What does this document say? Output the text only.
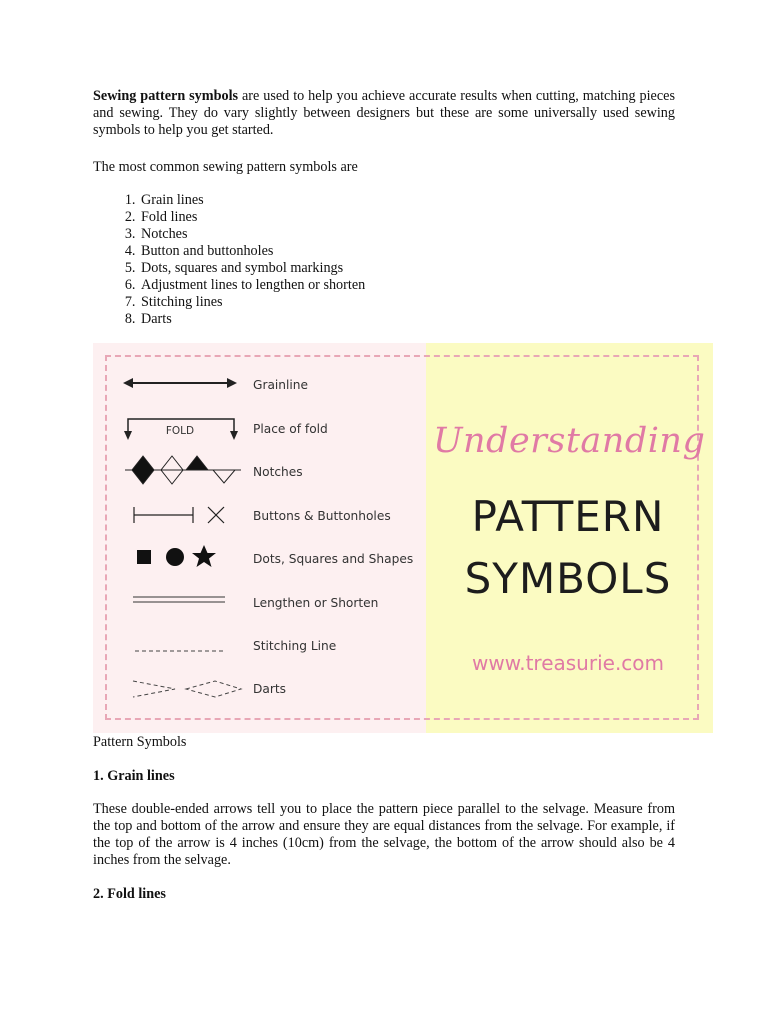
Sewing pattern symbols are used to help you achieve accurate results when cutting, matching pieces and sewing. They do vary slightly between designers but these are some universally used sewing symbols to help you get started.

The most common sewing pattern symbols are

1. Grain lines
2. Fold lines
3. Notches
4. Button and buttonholes
5. Dots, squares and symbol markings
6. Adjustment lines to lengthen or shorten
7. Stitching lines
8. Darts
FOLD
Grainline
Place of fold
Notches
Buttons & Buttonholes
Dots, Squares and Shapes
Lengthen or Shorten
Stitching Line
Darts
Understanding
PATTERN
SYMBOLS
www.treasurie.com

Pattern Symbols

1. Grain lines

These double-ended arrows tell you to place the pattern piece parallel to the selvage. Measure from the top and bottom of the arrow and ensure they are equal distances from the selvage. For example, if the top of the arrow is 4 inches (10cm) from the selvage, the bottom of the arrow should also be 4 inches from the selvage.

2. Fold lines
